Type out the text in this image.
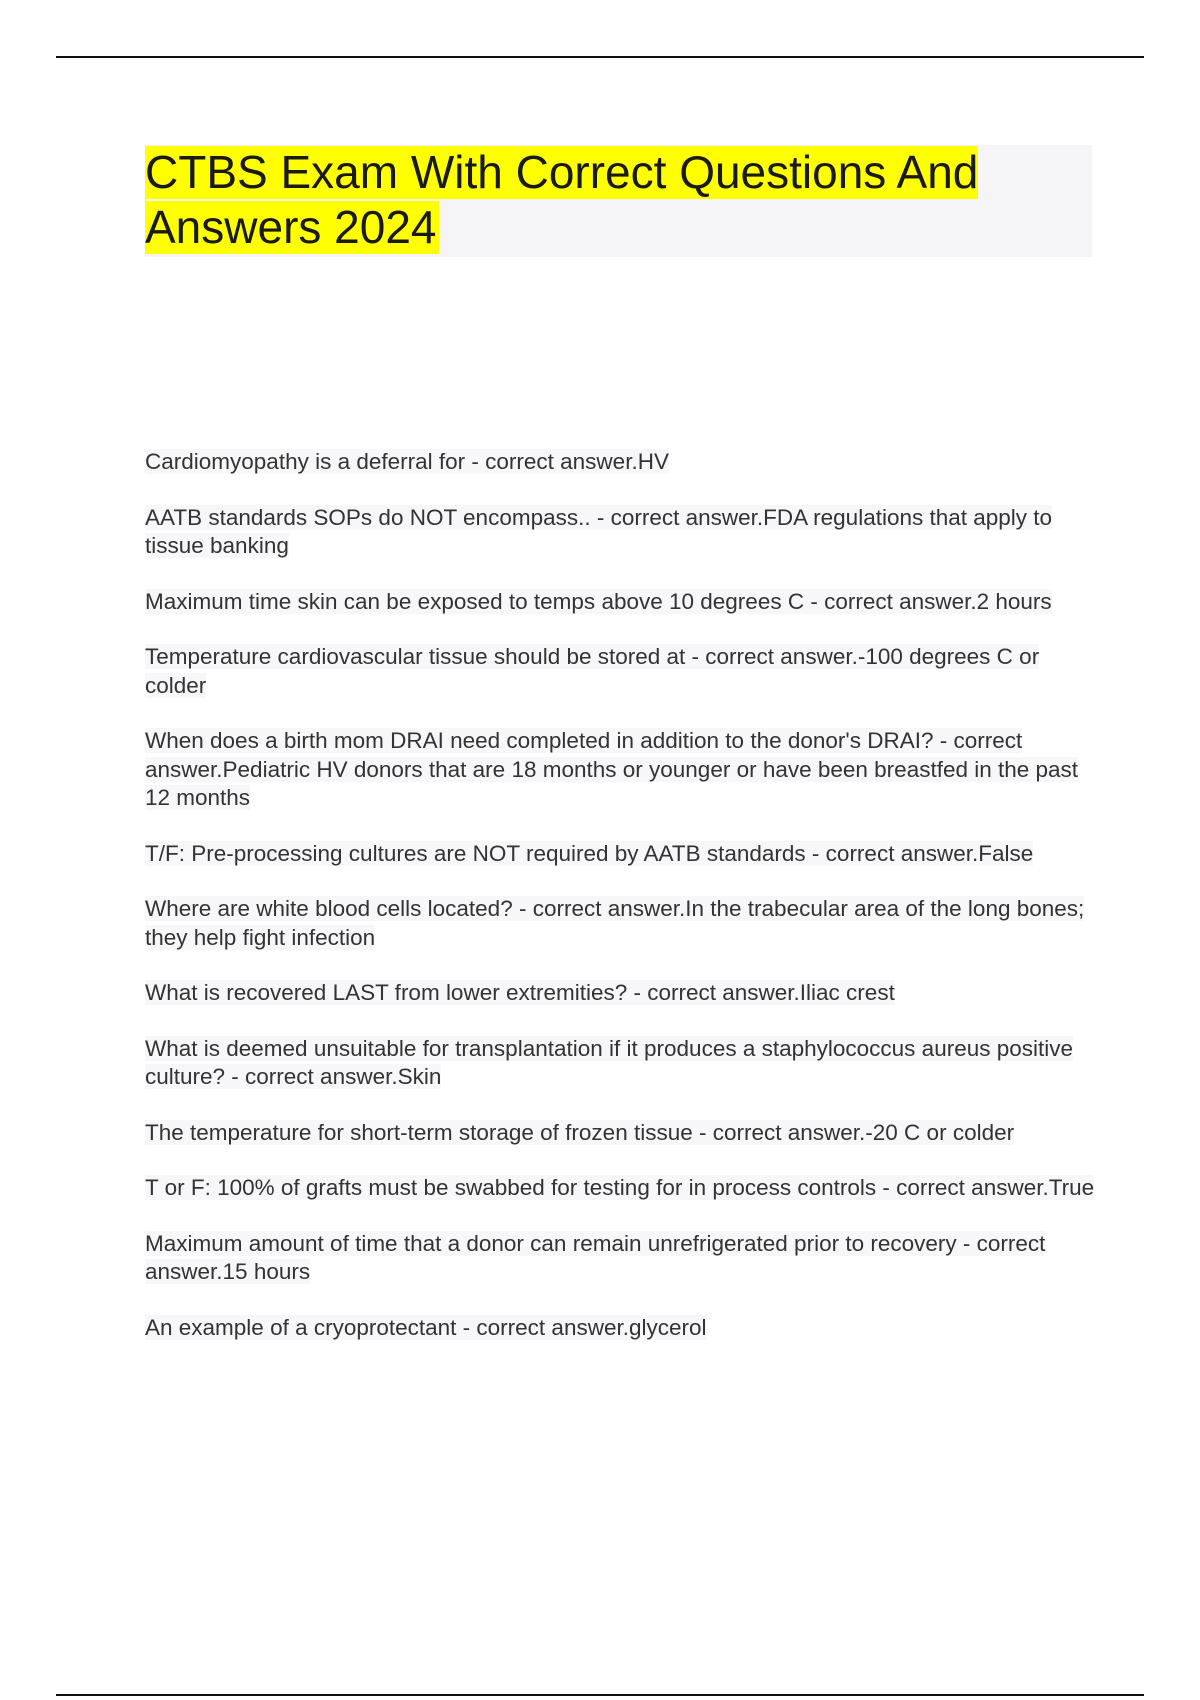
CTBS Exam With Correct Questions And Answers 2024
Cardiomyopathy is a deferral for - correct answer.HV
AATB standards SOPs do NOT encompass.. - correct answer.FDA regulations that apply to tissue banking
Maximum time skin can be exposed to temps above 10 degrees C - correct answer.2 hours
Temperature cardiovascular tissue should be stored at - correct answer.-100 degrees C or colder
When does a birth mom DRAI need completed in addition to the donor's DRAI? - correct answer.Pediatric HV donors that are 18 months or younger or have been breastfed in the past 12 months
T/F: Pre-processing cultures are NOT required by AATB standards - correct answer.False
Where are white blood cells located? - correct answer.In the trabecular area of the long bones; they help fight infection
What is recovered LAST from lower extremities? - correct answer.Iliac crest
What is deemed unsuitable for transplantation if it produces a staphylococcus aureus positive culture? - correct answer.Skin
The temperature for short-term storage of frozen tissue - correct answer.-20 C or colder
T or F: 100% of grafts must be swabbed for testing for in process controls - correct answer.True
Maximum amount of time that a donor can remain unrefrigerated prior to recovery - correct answer.15 hours
An example of a cryoprotectant - correct answer.glycerol
